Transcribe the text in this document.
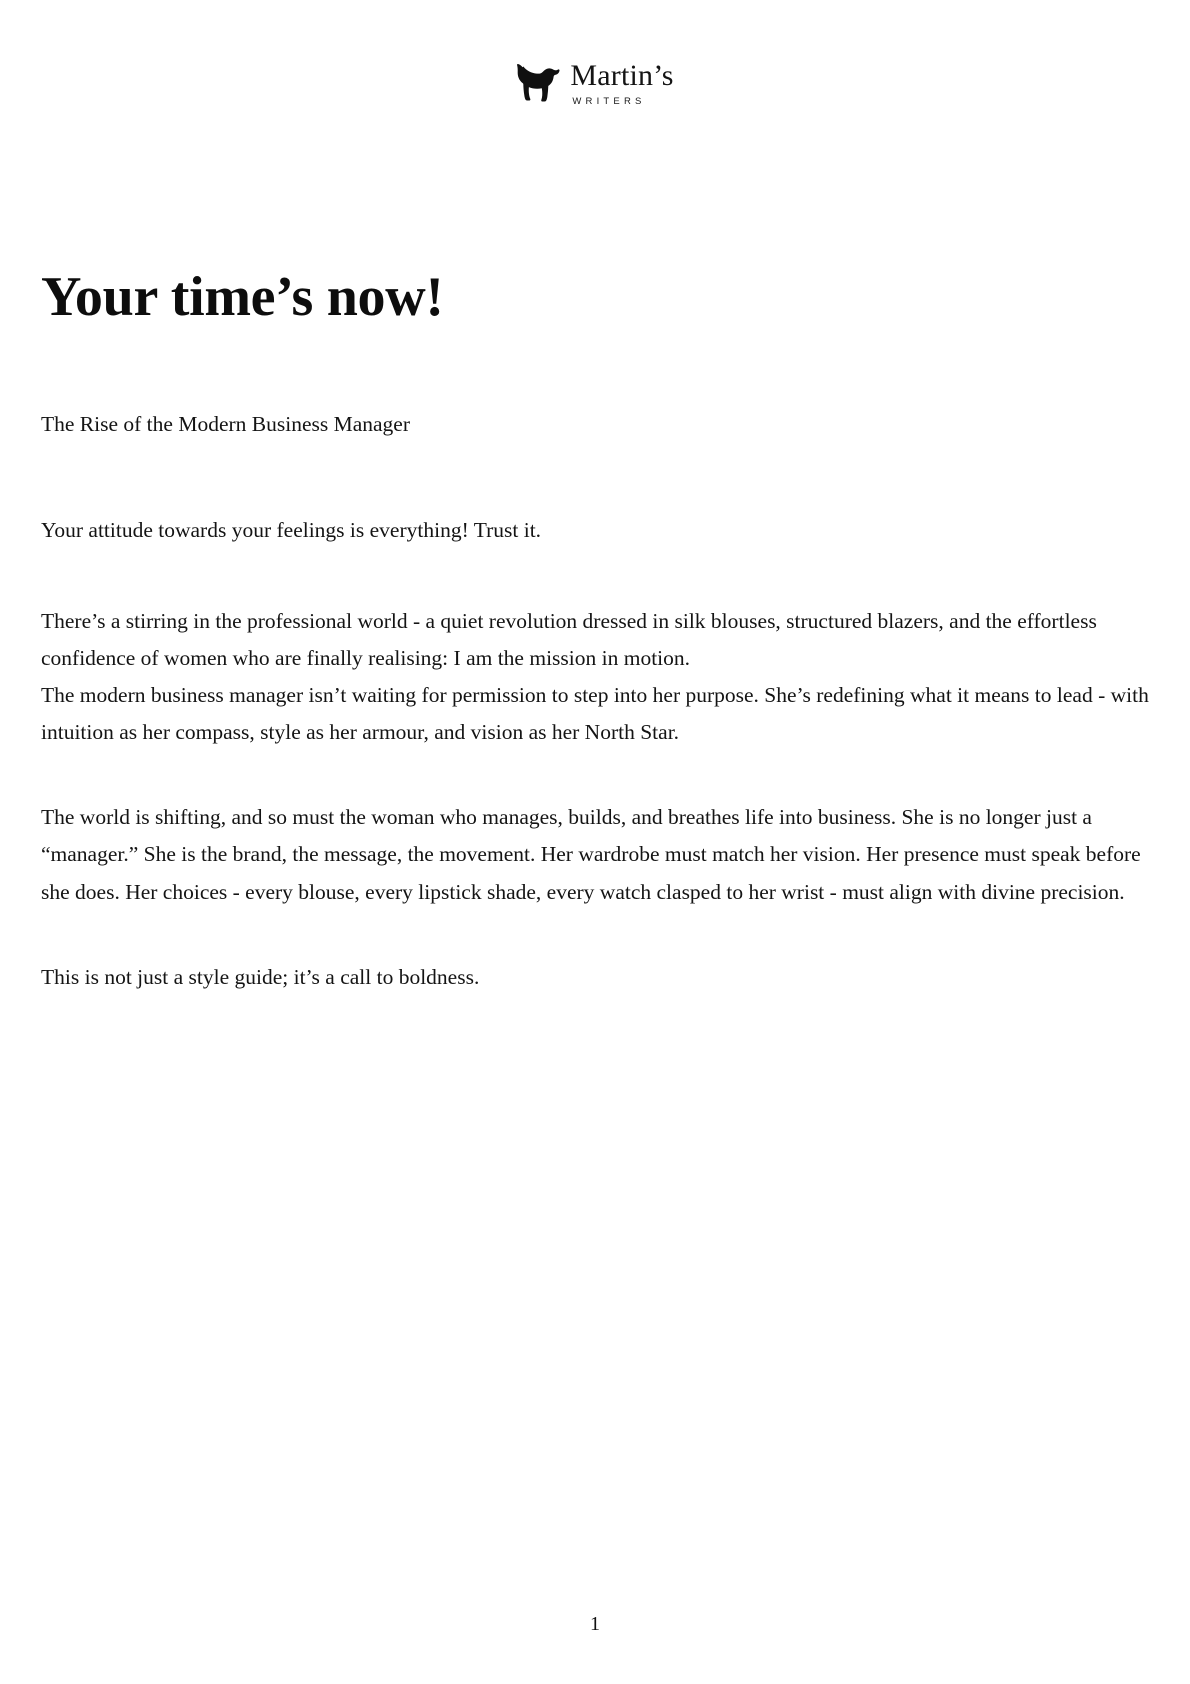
Martin’s
WRITERS
Your time’s now!
The Rise of the Modern Business Manager
Your attitude towards your feelings is everything! Trust it.

There’s a stirring in the professional world - a quiet revolution dressed in silk blouses, structured blazers, and the effortless confidence of women who are finally realising: I am the mission in motion.

The modern business manager isn’t waiting for permission to step into her purpose. She’s redefining what it means to lead - with intuition as her compass, style as her armour, and vision as her North Star.

The world is shifting, and so must the woman who manages, builds, and breathes life into business. She is no longer just a “manager.” She is the brand, the message, the movement. Her wardrobe must match her vision. Her presence must speak before she does. Her choices - every blouse, every lipstick shade, every watch clasped to her wrist - must align with divine precision.

This is not just a style guide; it’s a call to boldness.

1
